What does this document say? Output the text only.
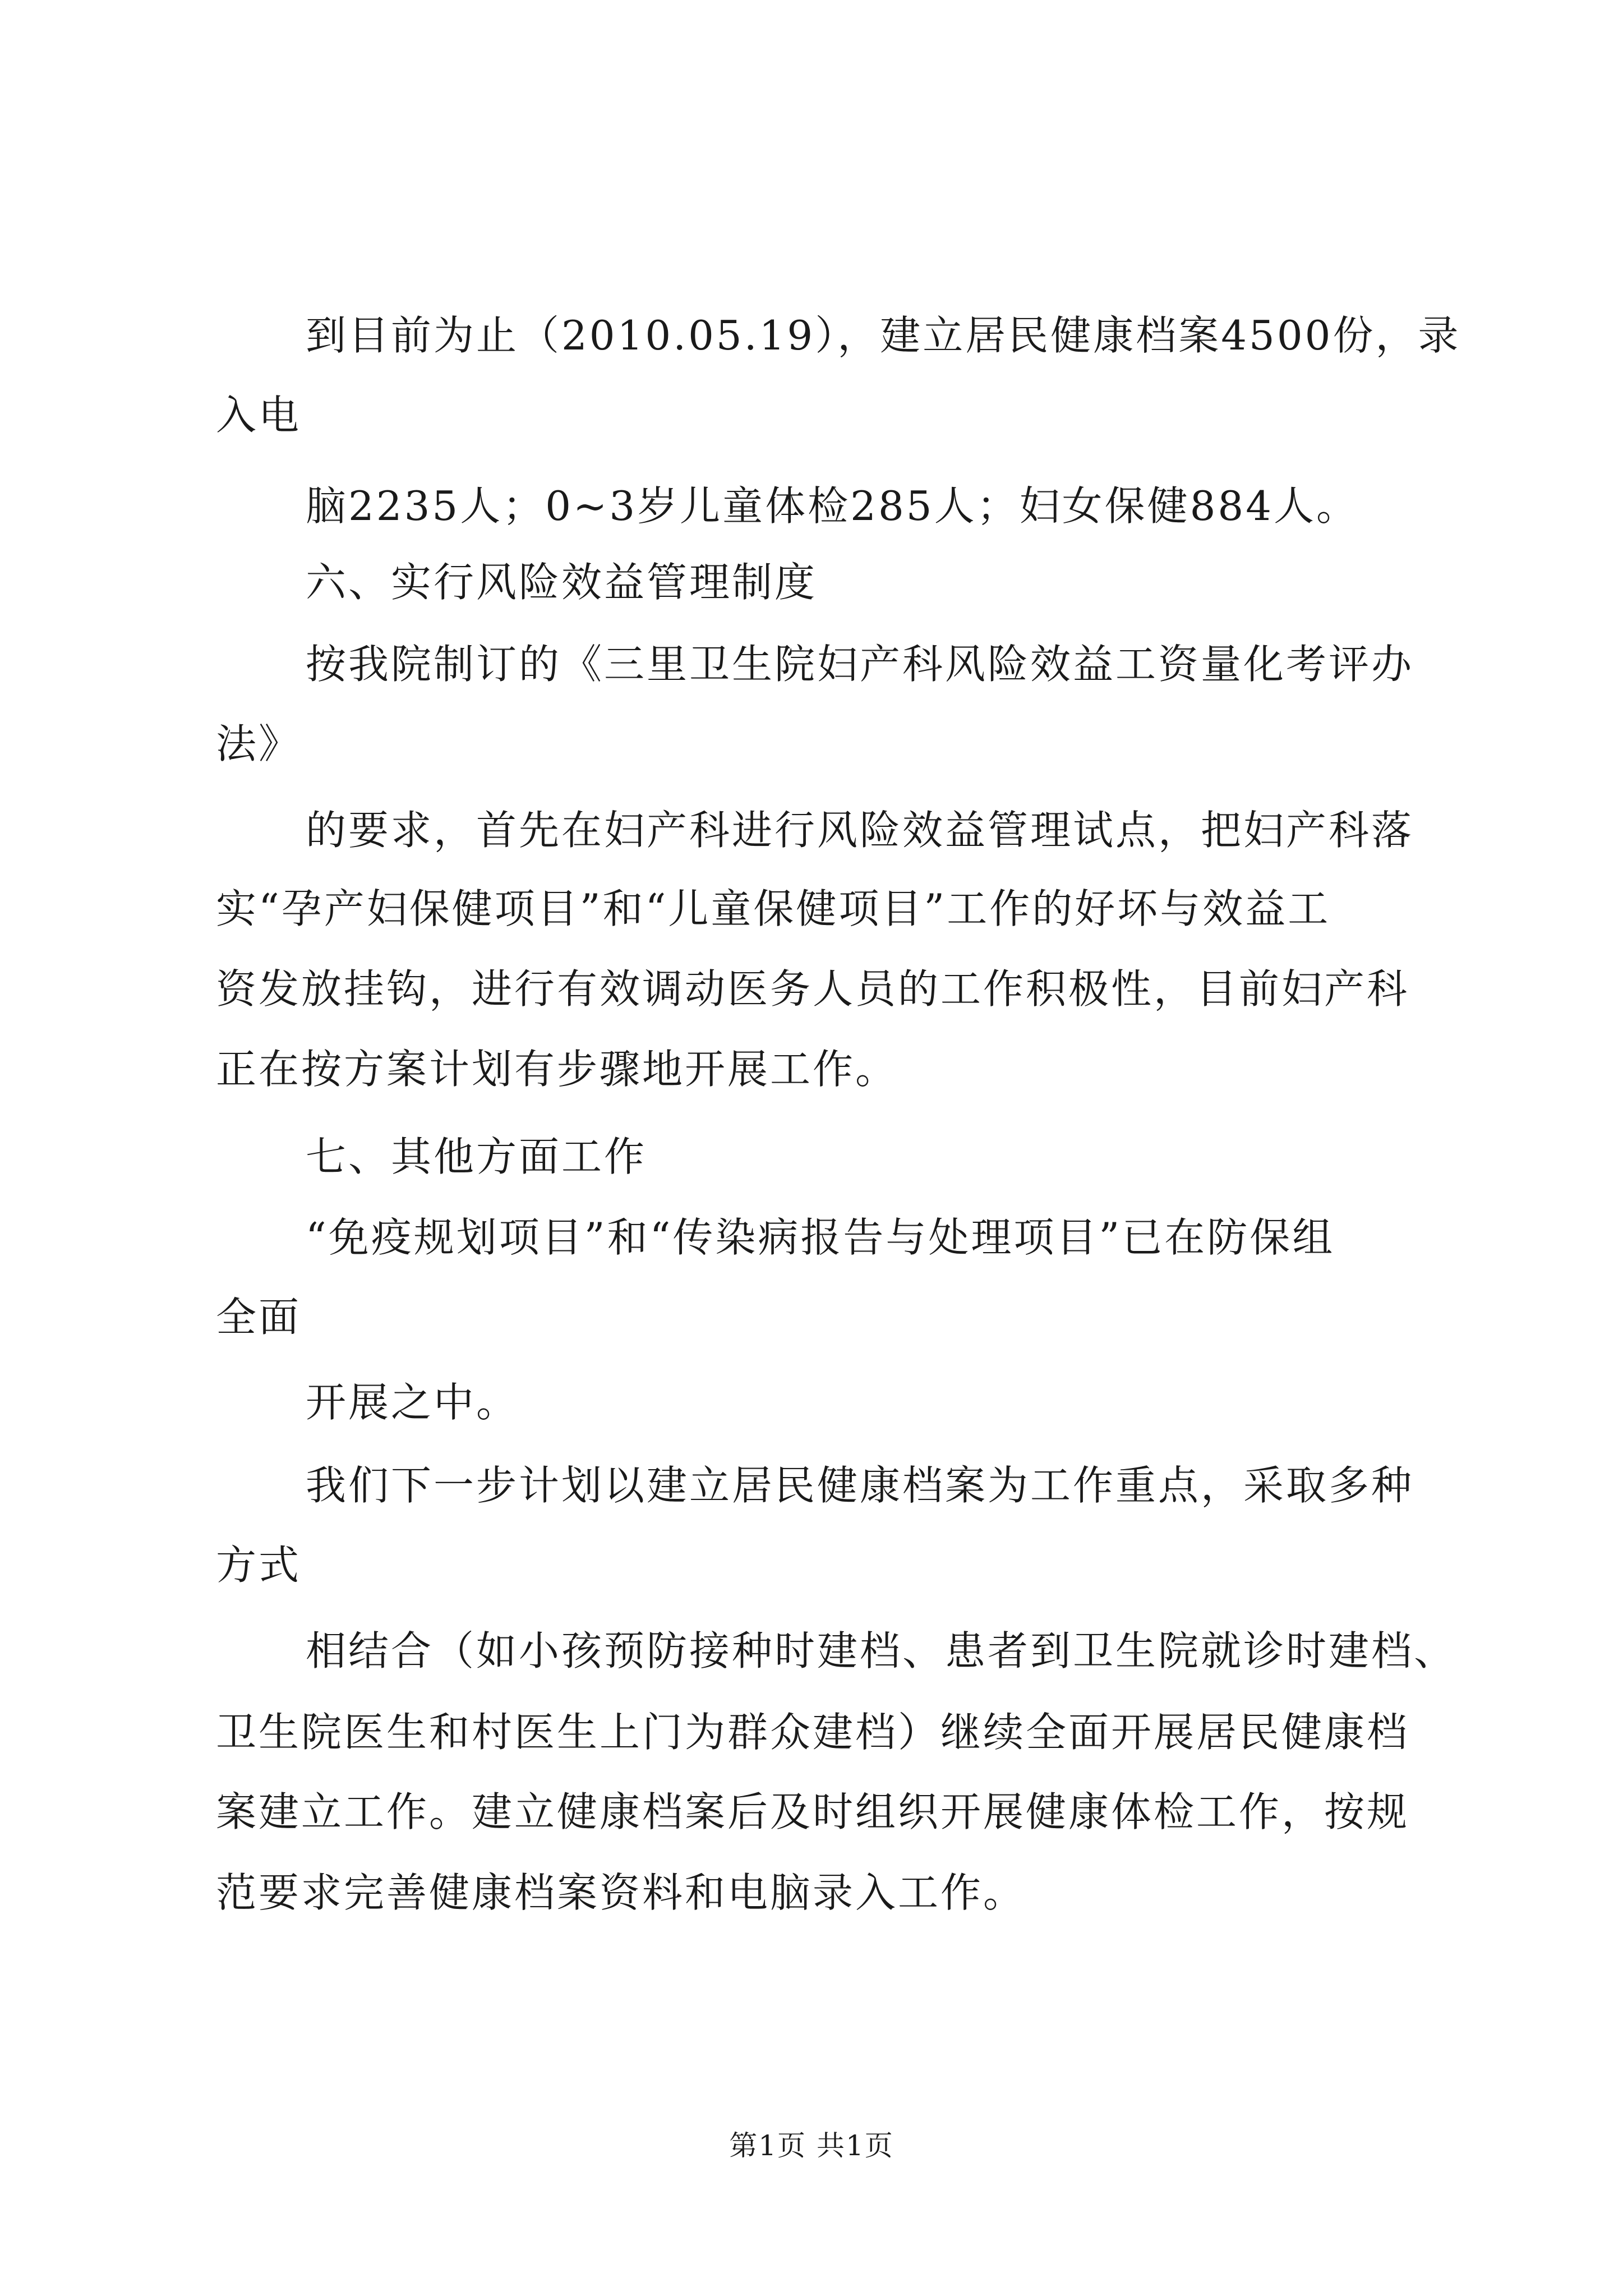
到目前为止（2010.05.19），建立居民健康档案4500份，录
入电
脑2235人；0~3岁儿童体检285人；妇女保健884人。
六、实行风险效益管理制度
按我院制订的《三里卫生院妇产科风险效益工资量化考评办
法》
的要求，首先在妇产科进行风险效益管理试点，把妇产科落
实“孕产妇保健项目”和“儿童保健项目”工作的好坏与效益工
资发放挂钩，进行有效调动医务人员的工作积极性，目前妇产科
正在按方案计划有步骤地开展工作。
七、其他方面工作
“免疫规划项目”和“传染病报告与处理项目”已在防保组
全面
开展之中。
我们下一步计划以建立居民健康档案为工作重点，采取多种
方式
相结合（如小孩预防接种时建档、患者到卫生院就诊时建档、
卫生院医生和村医生上门为群众建档）继续全面开展居民健康档
案建立工作。建立健康档案后及时组织开展健康体检工作，按规
范要求完善健康档案资料和电脑录入工作。
第1页 共1页
